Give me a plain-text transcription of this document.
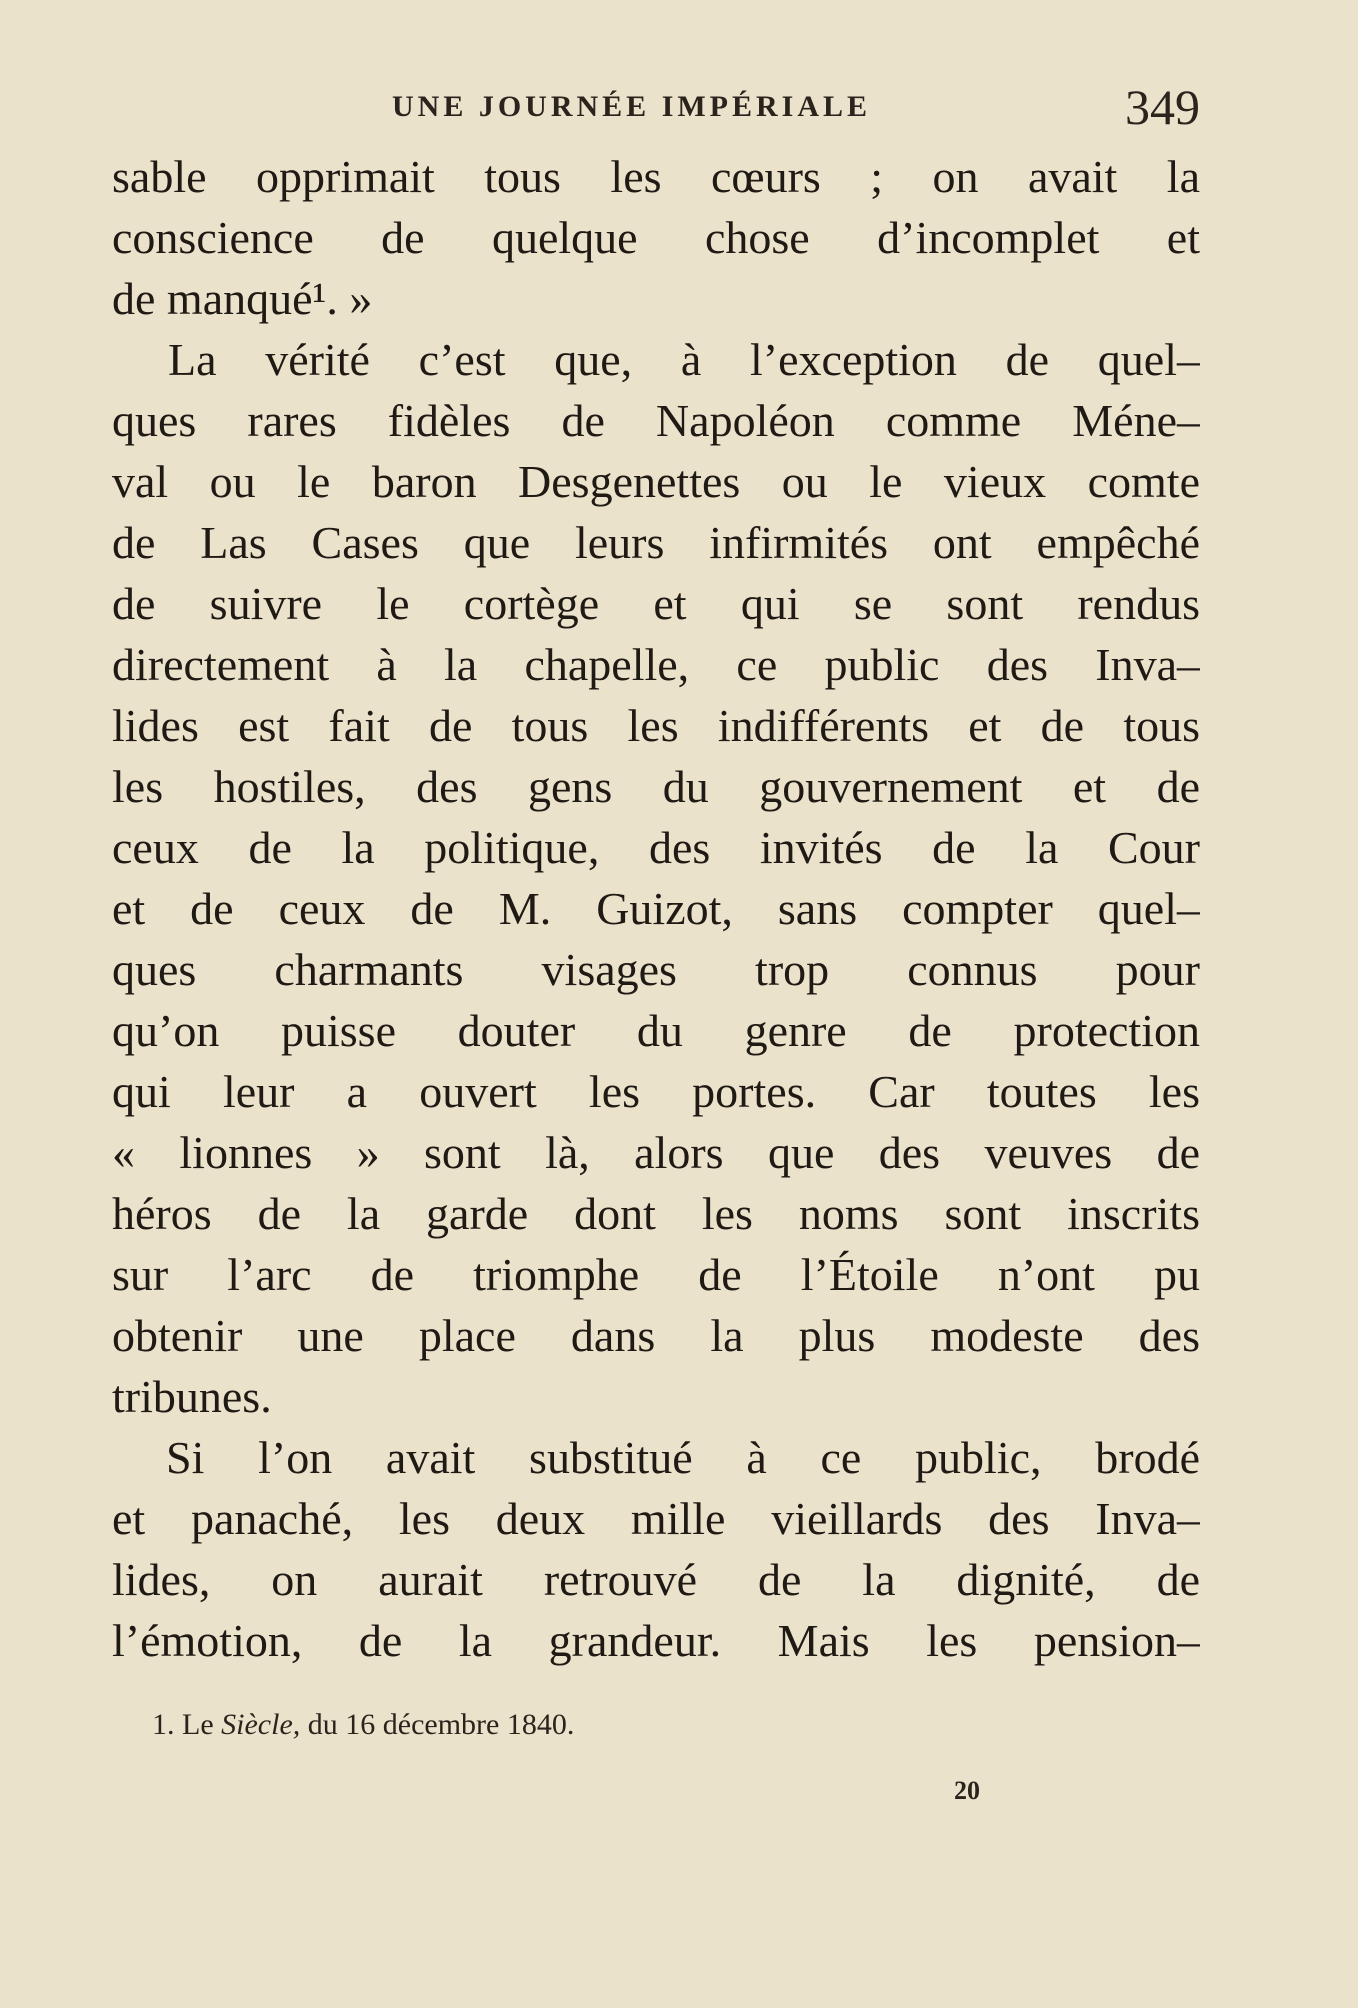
UNE JOURNÉE IMPÉRIALE	349
sable opprimait tous les cœurs ; on avait la
conscience de quelque chose d’incomplet et
de manqué¹. »
La vérité c’est que, à l’exception de quel–
ques rares fidèles de Napoléon comme Méne–
val ou le baron Desgenettes ou le vieux comte
de Las Cases que leurs infirmités ont empêché
de suivre le cortège et qui se sont rendus
directement à la chapelle, ce public des Inva–
lides est fait de tous les indifférents et de tous
les hostiles, des gens du gouvernement et de
ceux de la politique, des invités de la Cour
et de ceux de M. Guizot, sans compter quel–
ques charmants visages trop connus pour
qu’on puisse douter du genre de protection
qui leur a ouvert les portes. Car toutes les
« lionnes » sont là, alors que des veuves de
héros de la garde dont les noms sont inscrits
sur l’arc de triomphe de l’Étoile n’ont pu
obtenir une place dans la plus modeste des
tribunes.
Si l’on avait substitué à ce public, brodé
et panaché, les deux mille vieillards des Inva–
lides, on aurait retrouvé de la dignité, de
l’émotion, de la grandeur. Mais les pension–
1. Le Siècle, du 16 décembre 1840.
20
